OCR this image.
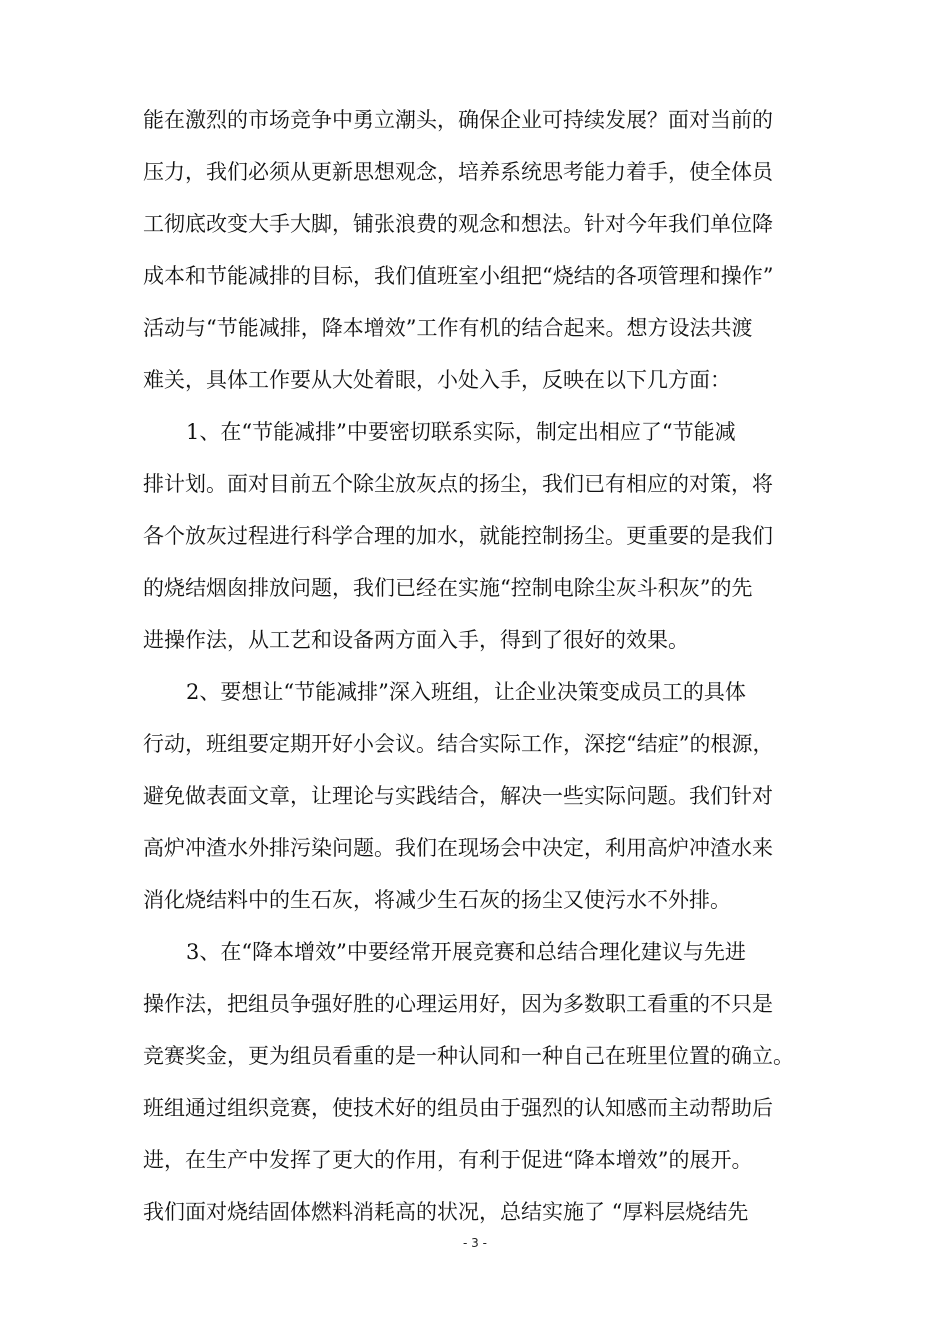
能在激烈的市场竞争中勇立潮头，确保企业可持续发展？面对当前的
压力，我们必须从更新思想观念，培养系统思考能力着手，使全体员
工彻底改变大手大脚，铺张浪费的观念和想法。针对今年我们单位降
成本和节能减排的目标，我们值班室小组把“烧结的各项管理和操作”
活动与“节能减排，降本增效”工作有机的结合起来。想方设法共渡
难关，具体工作要从大处着眼，小处入手，反映在以下几方面：
1、在“节能减排”中要密切联系实际，制定出相应了“节能减
排计划。面对目前五个除尘放灰点的扬尘，我们已有相应的对策，将
各个放灰过程进行科学合理的加水，就能控制扬尘。更重要的是我们
的烧结烟囱排放问题，我们已经在实施“控制电除尘灰斗积灰”的先
进操作法，从工艺和设备两方面入手，得到了很好的效果。
2、要想让“节能减排”深入班组，让企业决策变成员工的具体
行动，班组要定期开好小会议。结合实际工作，深挖“结症”的根源，
避免做表面文章，让理论与实践结合，解决一些实际问题。我们针对
高炉冲渣水外排污染问题。我们在现场会中决定，利用高炉冲渣水来
消化烧结料中的生石灰，将减少生石灰的扬尘又使污水不外排。
3、在“降本增效”中要经常开展竞赛和总结合理化建议与先进
操作法，把组员争强好胜的心理运用好，因为多数职工看重的不只是
竞赛奖金，更为组员看重的是一种认同和一种自己在班里位置的确立。
班组通过组织竞赛，使技术好的组员由于强烈的认知感而主动帮助后
进，在生产中发挥了更大的作用，有利于促进“降本增效”的展开。
我们面对烧结固体燃料消耗高的状况，总结实施了 “厚料层烧结先
- 3 -
